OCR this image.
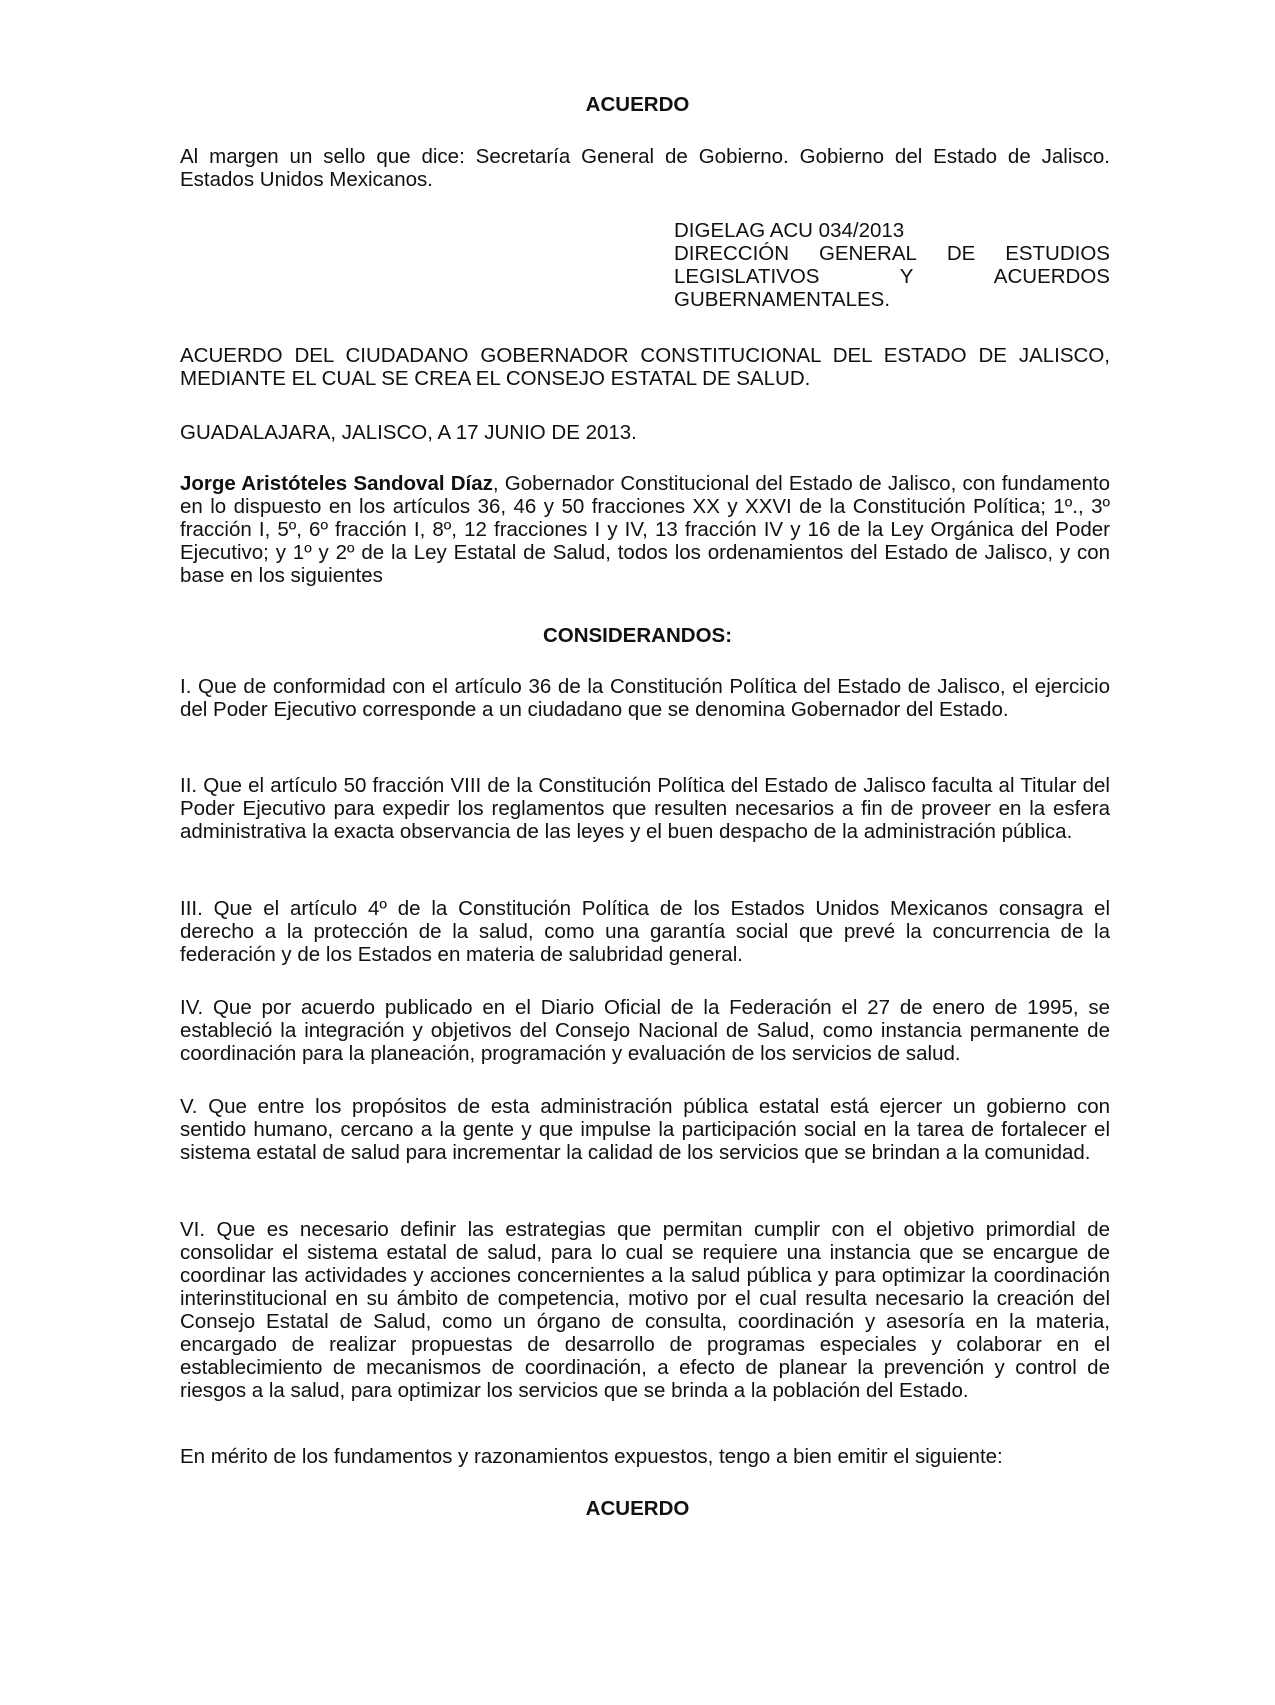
ACUERDO
Al margen un sello que dice: Secretaría General de Gobierno. Gobierno del Estado de Jalisco. Estados Unidos Mexicanos.
DIGELAG ACU 034/2013
DIRECCIÓN GENERAL DE ESTUDIOS
LEGISLATIVOS	Y	ACUERDOS
GUBERNAMENTALES.
ACUERDO DEL CIUDADANO GOBERNADOR CONSTITUCIONAL DEL ESTADO DE JALISCO, MEDIANTE EL CUAL SE CREA EL CONSEJO ESTATAL DE SALUD.
GUADALAJARA, JALISCO, A 17 JUNIO DE 2013.
Jorge Aristóteles Sandoval Díaz, Gobernador Constitucional del Estado de Jalisco, con fundamento en lo dispuesto en los artículos 36, 46 y 50 fracciones XX y XXVI de la Constitución Política; 1º., 3º fracción I, 5º, 6º fracción I, 8º, 12 fracciones I y IV, 13 fracción IV y 16 de la Ley Orgánica del Poder Ejecutivo; y 1º y 2º de la Ley Estatal de Salud, todos los ordenamientos del Estado de Jalisco, y con base en los siguientes
CONSIDERANDOS:
I. Que de conformidad con el artículo 36 de la Constitución Política del Estado de Jalisco, el ejercicio del Poder Ejecutivo corresponde a un ciudadano que se denomina Gobernador del Estado.
II. Que el artículo 50 fracción VIII de la Constitución Política del Estado de Jalisco faculta al Titular del Poder Ejecutivo para expedir los reglamentos que resulten necesarios a fin de proveer en la esfera administrativa la exacta observancia de las leyes y el buen despacho de la administración pública.
III. Que el artículo 4º de la Constitución Política de los Estados Unidos Mexicanos consagra el derecho a la protección de la salud, como una garantía social que prevé la concurrencia de la federación y de los Estados en materia de salubridad general.
IV. Que por acuerdo publicado en el Diario Oficial de la Federación el 27 de enero de 1995, se estableció la integración y objetivos del Consejo Nacional de Salud, como instancia permanente de coordinación para la planeación, programación y evaluación de los servicios de salud.
V. Que entre los propósitos de esta administración pública estatal está ejercer un gobierno con sentido humano, cercano a la gente y que impulse la participación social en la tarea de fortalecer el sistema estatal de salud para incrementar la calidad de los servicios que se brindan a la comunidad.
VI. Que es necesario definir las estrategias que permitan cumplir con el objetivo primordial de consolidar el sistema estatal de salud, para lo cual se requiere una instancia que se encargue de coordinar las actividades y acciones concernientes a la salud pública y para optimizar la coordinación interinstitucional en su ámbito de competencia, motivo por el cual resulta necesario la creación del Consejo Estatal de Salud, como un órgano de consulta, coordinación y asesoría en la materia, encargado de realizar propuestas de desarrollo de programas especiales y colaborar en el establecimiento de mecanismos de coordinación, a efecto de planear la prevención y control de riesgos a la salud, para optimizar los servicios que se brinda a la población del Estado.
En mérito de los fundamentos y razonamientos expuestos, tengo a bien emitir el siguiente:
ACUERDO
